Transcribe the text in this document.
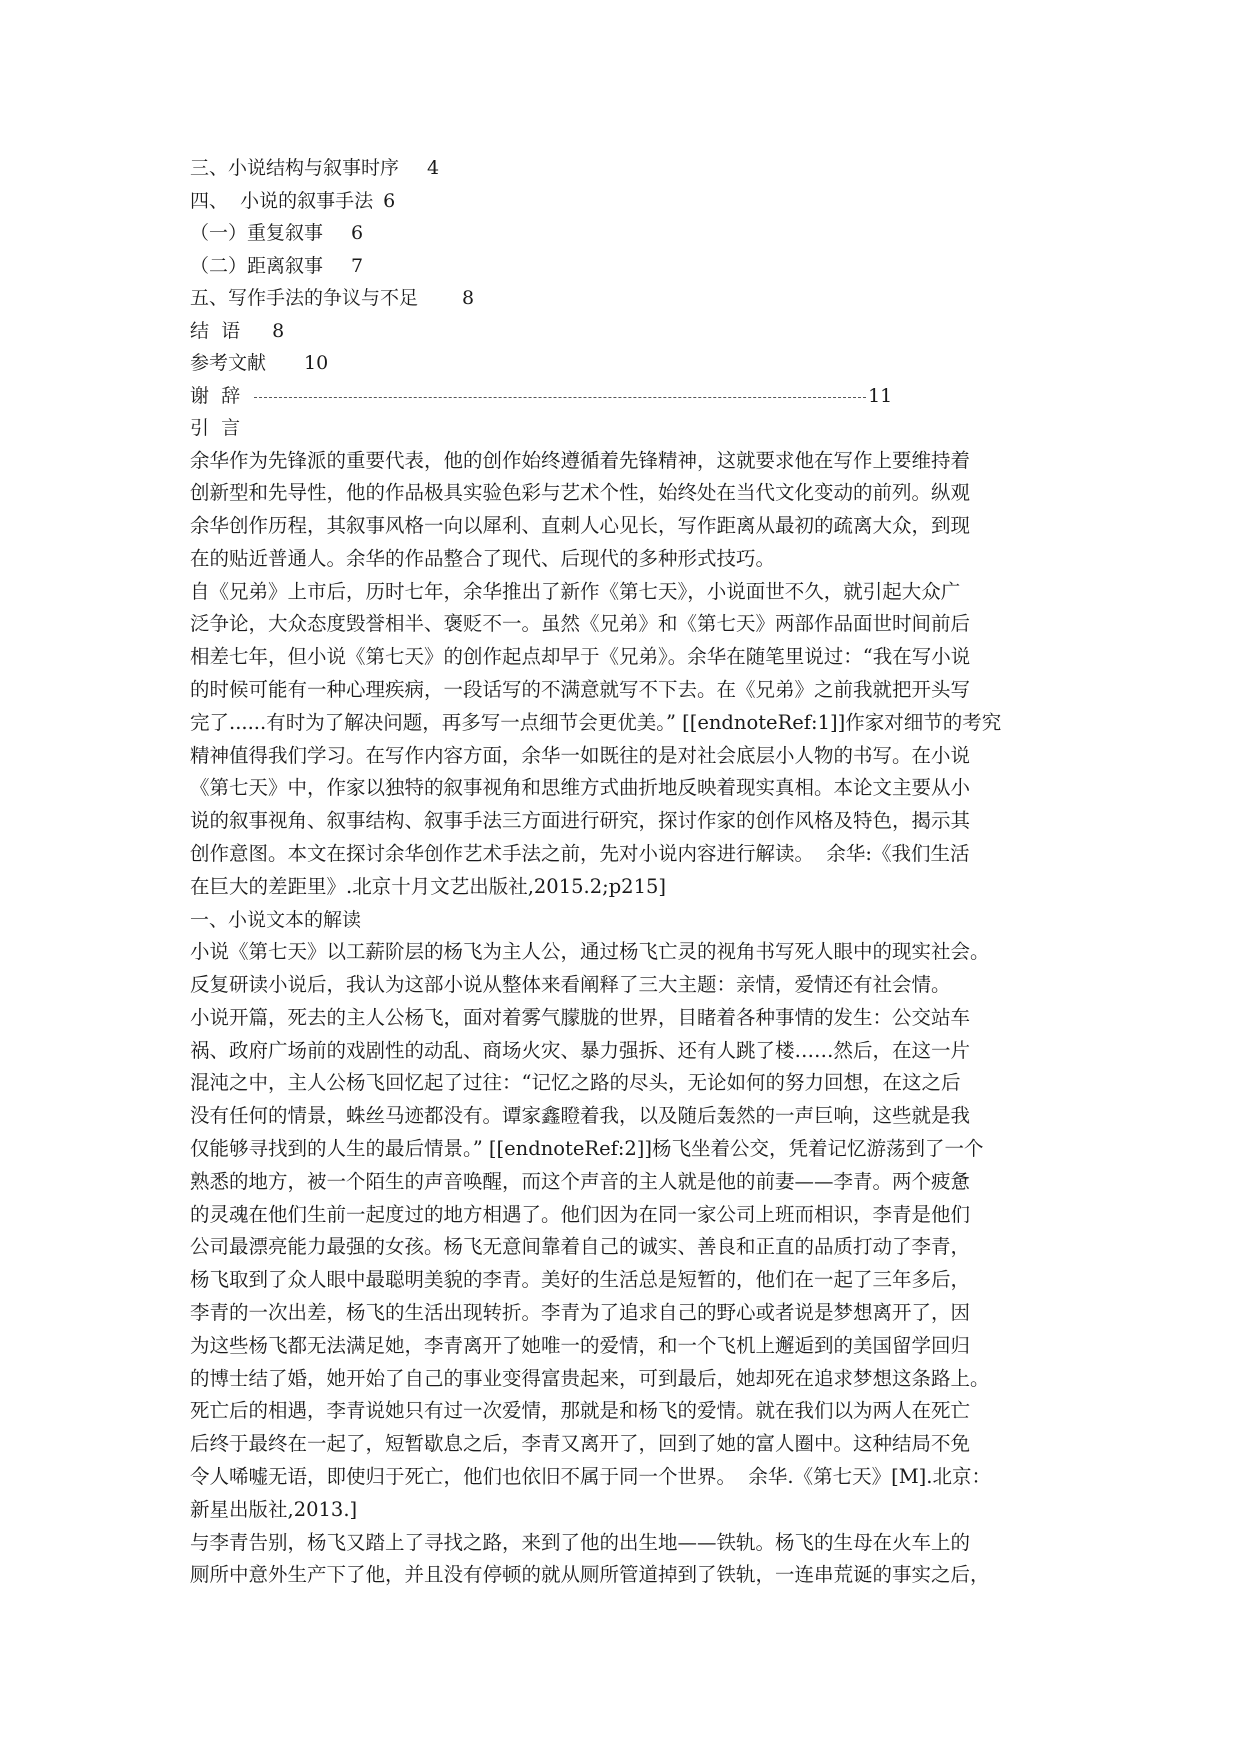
三、小说结构与叙事时序 4
四、  小说的叙事手法 6
（一）重复叙事 6
（二）距离叙事 7
五、写作手法的争议与不足 8
结  语 8
参考文献 10
谢  辞	11
引  言

余华作为先锋派的重要代表，他的创作始终遵循着先锋精神，这就要求他在写作上要维持着
创新型和先导性，他的作品极具实验色彩与艺术个性，始终处在当代文化变动的前列。纵观
余华创作历程，其叙事风格一向以犀利、直刺人心见长，写作距离从最初的疏离大众，到现
在的贴近普通人。余华的作品整合了现代、后现代的多种形式技巧。

自《兄弟》上市后，历时七年，余华推出了新作《第七天》，小说面世不久，就引起大众广
泛争论，大众态度毁誉相半、褒贬不一。虽然《兄弟》和《第七天》两部作品面世时间前后
相差七年，但小说《第七天》的创作起点却早于《兄弟》。余华在随笔里说过：“我在写小说
的时候可能有一种心理疾病，一段话写的不满意就写不下去。在《兄弟》之前我就把开头写
完了......有时为了解决问题，再多写一点细节会更优美。” [[endnoteRef:1]]作家对细节的考究
精神值得我们学习。在写作内容方面，余华一如既往的是对社会底层小人物的书写。在小说
《第七天》中，作家以独特的叙事视角和思维方式曲折地反映着现实真相。本论文主要从小
说的叙事视角、叙事结构、叙事手法三方面进行研究，探讨作家的创作风格及特色，揭示其
创作意图。本文在探讨余华创作艺术手法之前，先对小说内容进行解读。  余华:《我们生活
在巨大的差距里》.北京十月文艺出版社,2015.2;p215]

一、小说文本的解读

小说《第七天》以工薪阶层的杨飞为主人公，通过杨飞亡灵的视角书写死人眼中的现实社会。
反复研读小说后，我认为这部小说从整体来看阐释了三大主题：亲情，爱情还有社会情。

小说开篇，死去的主人公杨飞，面对着雾气朦胧的世界，目睹着各种事情的发生：公交站车
祸、政府广场前的戏剧性的动乱、商场火灾、暴力强拆、还有人跳了楼……然后，在这一片
混沌之中，主人公杨飞回忆起了过往：“记忆之路的尽头，无论如何的努力回想，在这之后
没有任何的情景，蛛丝马迹都没有。谭家鑫瞪着我，以及随后轰然的一声巨响，这些就是我
仅能够寻找到的人生的最后情景。” [[endnoteRef:2]]杨飞坐着公交，凭着记忆游荡到了一个
熟悉的地方，被一个陌生的声音唤醒，而这个声音的主人就是他的前妻——李青。两个疲惫
的灵魂在他们生前一起度过的地方相遇了。他们因为在同一家公司上班而相识，李青是他们
公司最漂亮能力最强的女孩。杨飞无意间靠着自己的诚实、善良和正直的品质打动了李青，
杨飞取到了众人眼中最聪明美貌的李青。美好的生活总是短暂的，他们在一起了三年多后，
李青的一次出差，杨飞的生活出现转折。李青为了追求自己的野心或者说是梦想离开了，因
为这些杨飞都无法满足她，李青离开了她唯一的爱情，和一个飞机上邂逅到的美国留学回归
的博士结了婚，她开始了自己的事业变得富贵起来，可到最后，她却死在追求梦想这条路上。
死亡后的相遇，李青说她只有过一次爱情，那就是和杨飞的爱情。就在我们以为两人在死亡
后终于最终在一起了，短暂歇息之后，李青又离开了，回到了她的富人圈中。这种结局不免
令人唏嘘无语，即使归于死亡，他们也依旧不属于同一个世界。  余华.《第七天》[M].北京：
新星出版社,2013.]

与李青告别，杨飞又踏上了寻找之路，来到了他的出生地——铁轨。杨飞的生母在火车上的
厕所中意外生产下了他，并且没有停顿的就从厕所管道掉到了铁轨，一连串荒诞的事实之后，
